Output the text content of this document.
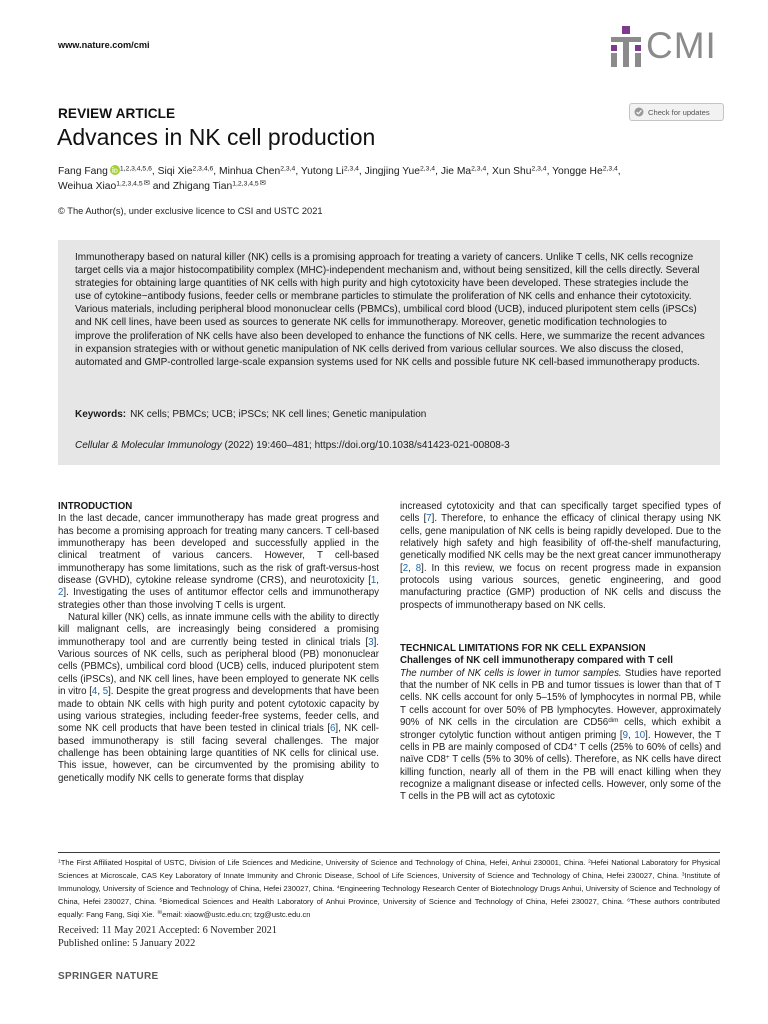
www.nature.com/cmi	CMI
REVIEW ARTICLE	Check for updates
Advances in NK cell production
Fang Fang $^{1,2,3,4,5,6}$, Siqi Xie$^{2,3,4,6}$, Minhua Chen$^{2,3,4}$, Yutong Li$^{2,3,4}$, Jingjing Yue$^{2,3,4}$, Jie Ma$^{2,3,4}$, Xun Shu$^{2,3,4}$, Yongge He$^{2,3,4}$,
Weihua Xiao$^{1,2,3,4,5✉}$ and Zhigang Tian$^{1,2,3,4,5✉}$
© The Author(s), under exclusive licence to CSI and USTC 2021

Immunotherapy based on natural killer (NK) cells is a promising approach for treating a variety of cancers. Unlike T cells, NK cells recognize target cells via a major histocompatibility complex (MHC)-independent mechanism and, without being sensitized, kill the cells directly. Several strategies for obtaining large quantities of NK cells with high purity and high cytotoxicity have been developed. These strategies include the use of cytokine−antibody fusions, feeder cells or membrane particles to stimulate the proliferation of NK cells and enhance their cytotoxicity. Various materials, including peripheral blood mononuclear cells (PBMCs), umbilical cord blood (UCB), induced pluripotent stem cells (iPSCs) and NK cell lines, have been used as sources to generate NK cells for immunotherapy. Moreover, genetic modification technologies to improve the proliferation of NK cells have also been developed to enhance the functions of NK cells. Here, we summarize the recent advances in expansion strategies with or without genetic manipulation of NK cells derived from various cellular sources. We also discuss the closed, automated and GMP-controlled large-scale expansion systems used for NK cells and possible future NK cell-based immunotherapy products.

Keywords: NK cells; PBMCs; UCB; iPSCs; NK cell lines; Genetic manipulation
Cellular & Molecular Immunology (2022) 19:460–481; https://doi.org/10.1038/s41423-021-00808-3
INTRODUCTION

In the last decade, cancer immunotherapy has made great progress and has become a promising approach for treating many cancers. T cell-based immunotherapy has been developed and successfully applied in the clinical treatment of various cancers. However, T cell-based immunotherapy has some limitations, such as the risk of graft-versus-host disease (GVHD), cytokine release syndrome (CRS), and neurotoxicity [1, 2]. Investigating the uses of antitumor effector cells and immunotherapy strategies other than those involving T cells is urgent.

Natural killer (NK) cells, as innate immune cells with the ability to directly kill malignant cells, are increasingly being considered a promising immunotherapy tool and are currently being tested in clinical trials [3]. Various sources of NK cells, such as peripheral blood (PB) mononuclear cells (PBMCs), umbilical cord blood (UCB) cells, induced pluripotent stem cells (iPSCs), and NK cell lines, have been employed to generate NK cells in vitro [4, 5]. Despite the great progress and developments that have been made to obtain NK cells with high purity and potent cytotoxic capacity by using various strategies, including feeder-free systems, feeder cells, and some NK cell products that have been tested in clinical trials [6], NK cell-based immunotherapy is still facing several challenges. The major challenge has been obtaining large quantities of NK cells for clinical use. This issue, however, can be circumvented by the promising ability to genetically modify NK cells to generate forms that display

increased cytotoxicity and that can specifically target specified types of cells [7]. Therefore, to enhance the efficacy of clinical therapy using NK cells, gene manipulation of NK cells is being rapidly developed. Due to the relatively high safety and high feasibility of off-the-shelf manufacturing, genetically modified NK cells may be the next great cancer immunotherapy [2, 8]. In this review, we focus on recent progress made in expansion protocols using various sources, genetic engineering, and good manufacturing practice (GMP) production of NK cells and discuss the prospects of immunotherapy based on NK cells.

TECHNICAL LIMITATIONS FOR NK CELL EXPANSION
Challenges of NK cell immunotherapy compared with T cell

The number of NK cells is lower in tumor samples. Studies have reported that the number of NK cells in PB and tumor tissues is lower than that of T cells. NK cells account for only 5–15% of lymphocytes in normal PB, while T cells account for over 50% of PB lymphocytes. However, approximately 90% of NK cells in the circulation are $CD56^{dim}$ cells, which exhibit a stronger cytolytic function without antigen priming [9, 10]. However, the T cells in PB are mainly composed of CD4+ T cells (25% to 60% of cells) and naïve CD8+ T cells (5% to 30% of cells). Therefore, as NK cells have direct killing function, nearly all of them in the PB will enact killing when they recognize a malignant disease or infected cells. However, only some of the T cells in the PB will act as cytotoxic

$^1$The First Affiliated Hospital of USTC, Division of Life Sciences and Medicine, University of Science and Technology of China, Hefei, Anhui 230001, China. $^2$Hefei National Laboratory for Physical Sciences at Microscale, CAS Key Laboratory of Innate Immunity and Chronic Disease, School of Life Sciences, University of Science and Technology of China, Hefei 230027, China. $^3$Institute of Immunology, University of Science and Technology of China, Hefei 230027, China. $^4$Engineering Technology Research Center of Biotechnology Drugs Anhui, University of Science and Technology of China, Hefei 230027, China. $^5$Biomedical Sciences and Health Laboratory of Anhui Province, University of Science and Technology of China, Hefei 230027, China. $^6$These authors contributed equally: Fang Fang, Siqi Xie. ✉email: xiaow@ustc.edu.cn; tzg@ustc.edu.cn

Received: 11 May 2021 Accepted: 6 November 2021
Published online: 5 January 2022
SPRINGER NATURE
